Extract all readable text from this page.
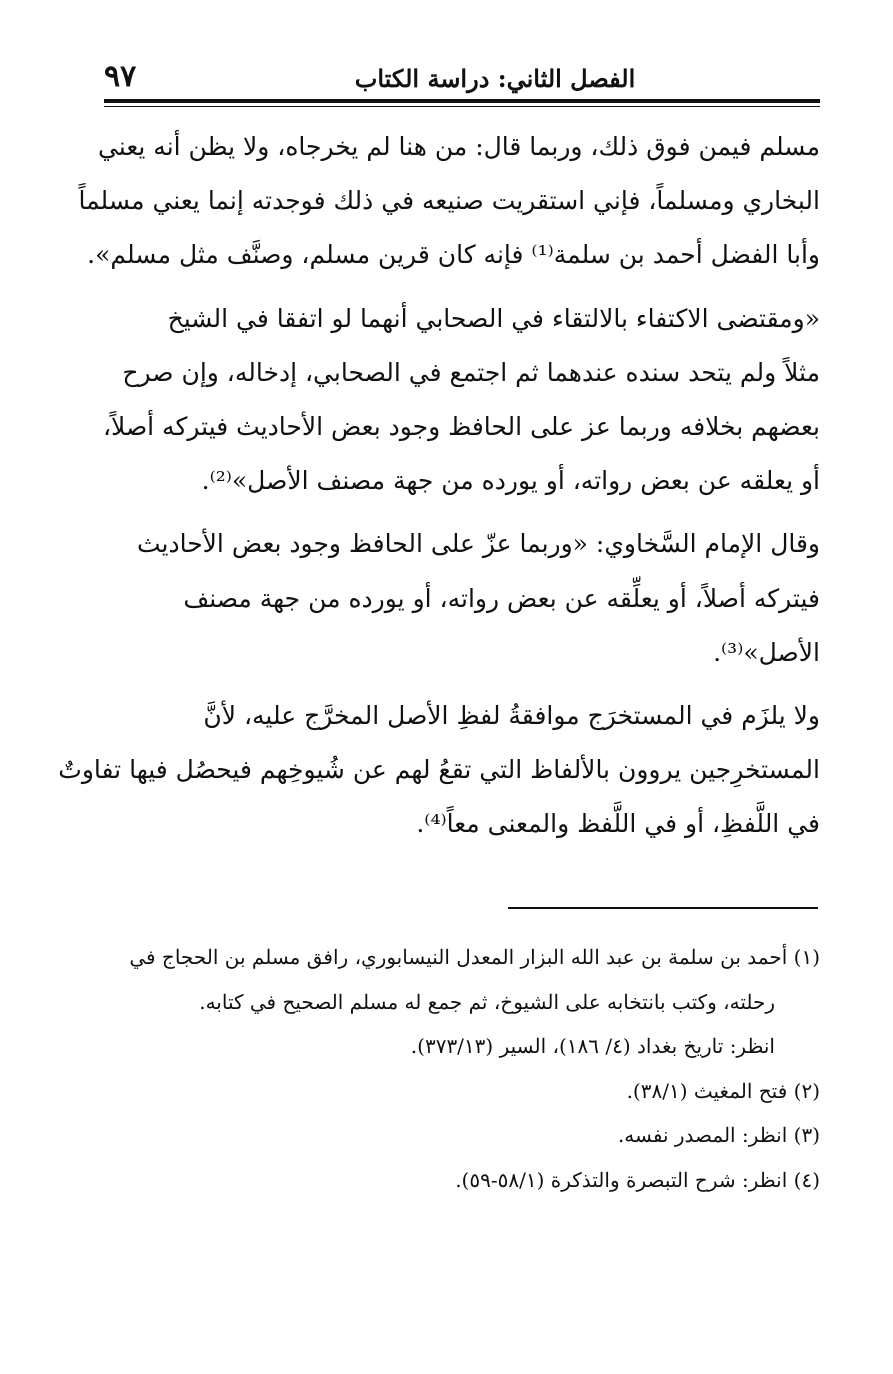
الفصل الثاني: دراسة الكتاب
٩٧
مسلم فيمن فوق ذلك، وربما قال: من هنا لم يخرجاه، ولا يظن أنه يعني
البخاري ومسلماً، فإني استقريت صنيعه في ذلك فوجدته إنما يعني مسلماً
وأبا الفضل أحمد بن سلمة⁽¹⁾ فإنه كان قرين مسلم، وصنَّف مثل مسلم».
«ومقتضى الاكتفاء بالالتقاء في الصحابي أنهما لو اتفقا في الشيخ
مثلاً ولم يتحد سنده عندهما ثم اجتمع في الصحابي، إدخاله، وإن صرح
بعضهم بخلافه وربما عز على الحافظ وجود بعض الأحاديث فيتركه أصلاً،
أو يعلقه عن بعض رواته، أو يورده من جهة مصنف الأصل»⁽²⁾.
وقال الإمام السَّخاوي: «وربما عزّ على الحافظ وجود بعض الأحاديث
فيتركه أصلاً، أو يعلِّقه عن بعض رواته، أو يورده من جهة مصنف
الأصل»⁽³⁾.
ولا يلزَم في المستخرَج موافقةُ لفظِ الأصل المخرَّج عليه، لأنَّ
المستخرِجين يروون بالألفاظ التي تقعُ لهم عن شُيوخِهم فيحصُل فيها تفاوتٌ
في اللَّفظِ، أو في اللَّفظ والمعنى معاً⁽⁴⁾.
(١) أحمد بن سلمة بن عبد الله البزار المعدل النيسابوري، رافق مسلم بن الحجاج في
رحلته، وكتب بانتخابه على الشيوخ، ثم جمع له مسلم الصحيح في كتابه.
انظر: تاريخ بغداد (٤/ ١٨٦)، السير (٣٧٣/١٣).
(٢) فتح المغيث (٣٨/١).
(٣) انظر: المصدر نفسه.
(٤) انظر: شرح التبصرة والتذكرة (٥٨/١-٥٩).
